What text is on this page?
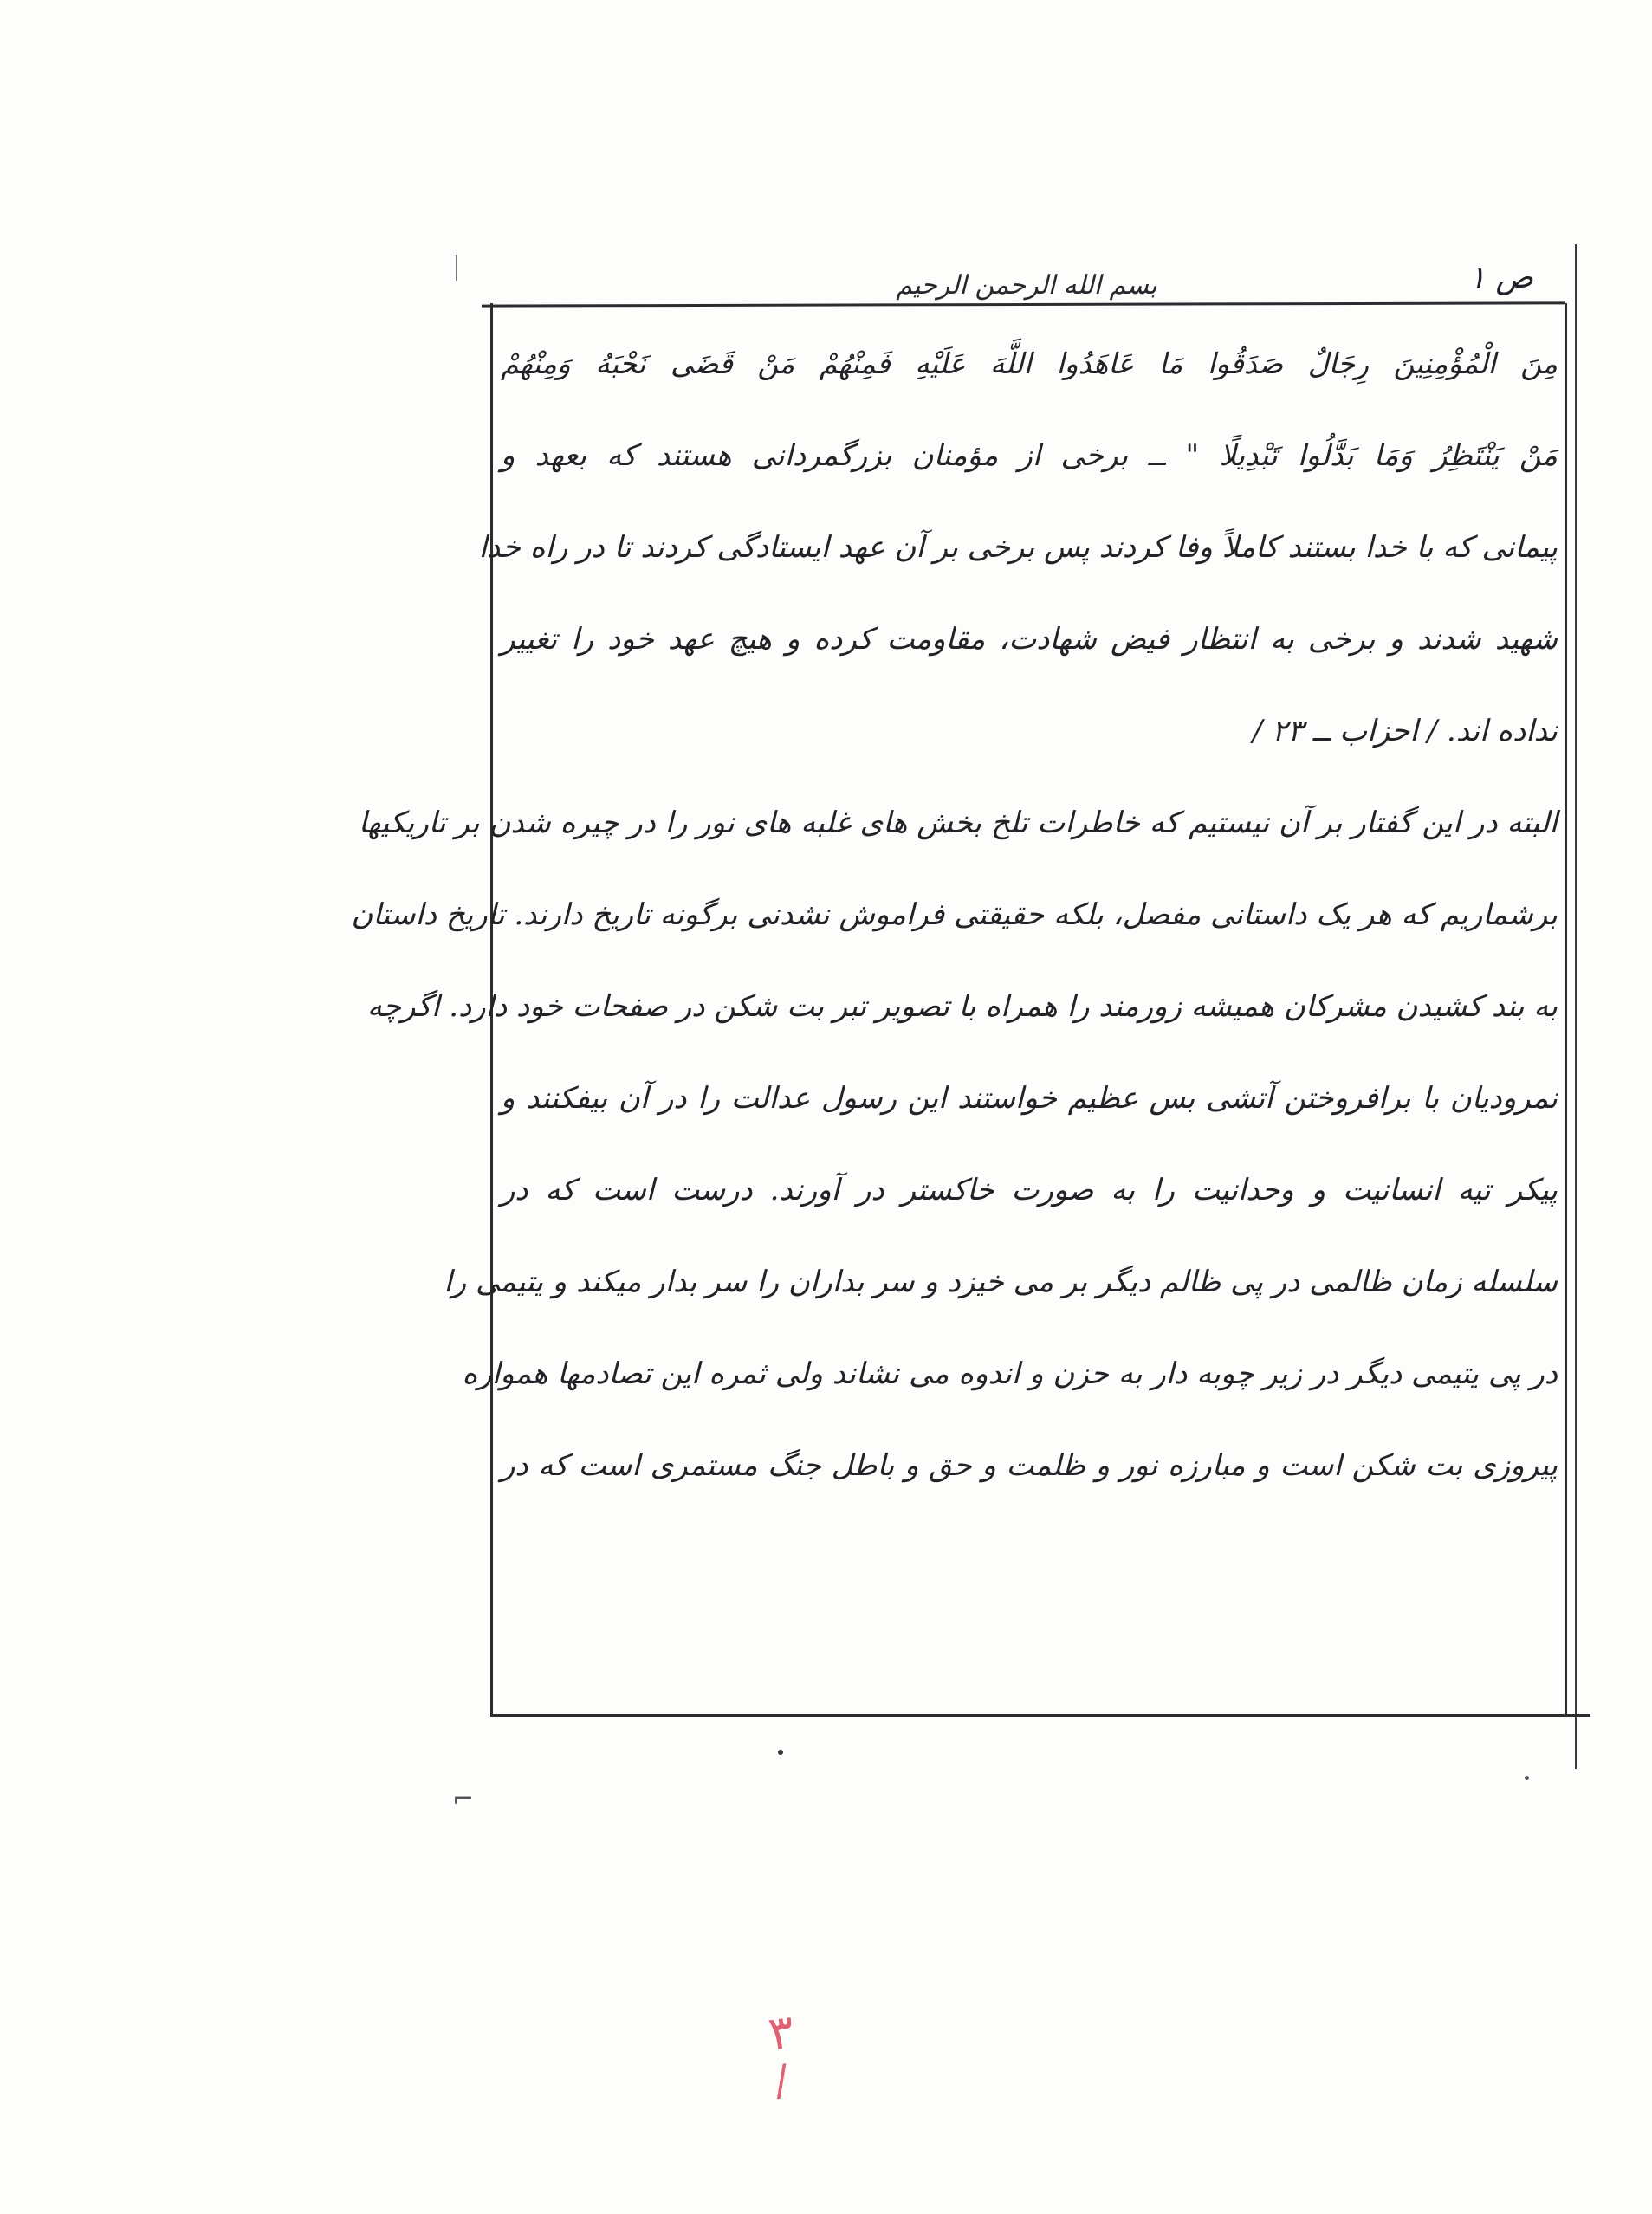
بسم الله الرحمن الرحیم	ص ۱
مِنَ الْمُؤْمِنِينَ رِجَالٌ صَدَقُوا مَا عَاهَدُوا اللَّهَ عَلَيْهِ فَمِنْهُمْ مَنْ قَضَى نَحْبَهُ وَمِنْهُمْ
مَنْ يَنْتَظِرُ وَمَا بَدَّلُوا تَبْدِيلًا " ــ برخی از مؤمنان بزرگمردانی هستند که بعهد و
پیمانی که با خدا بستند کاملاً وفا کردند پس برخی بر آن عهد ایستادگی کردند تا در راه خدا
شهید شدند و برخی به انتظار فیض شهادت، مقاومت کرده و هیچ عهد خود را تغییر
نداده اند. / احزاب ــ ۲۳ /
البته در این گفتار بر آن نیستیم که خاطرات تلخ بخش های غلبه های نور را در چیره شدن بر تاریکیها
برشماریم که هر یک داستانی مفصل، بلکه حقیقتی فراموش نشدنی برگونه تاریخ دارند. تاریخ داستان
به بند کشیدن مشرکان همیشه زورمند را همراه با تصویر تبر بت شکن در صفحات خود دارد. اگرچه
نمرودیان با برافروختن آتشی بس عظیم خواستند این رسول عدالت را در آن بیفکنند و
پیکر تیه انسانیت و وحدانیت را به صورت خاکستر در آورند. درست است که در
سلسله زمان ظالمی در پی ظالم دیگر بر می خیزد و سر بداران را سر بدار میکند و یتیمی را
در پی یتیمی دیگر در زیر چوبه دار به حزن و اندوه می نشاند ولی ثمره این تصادمها همواره
پیروزی بت شکن است و مبارزه نور و ظلمت و حق و باطل جنگ مستمری است که در
⌐
۳
/
